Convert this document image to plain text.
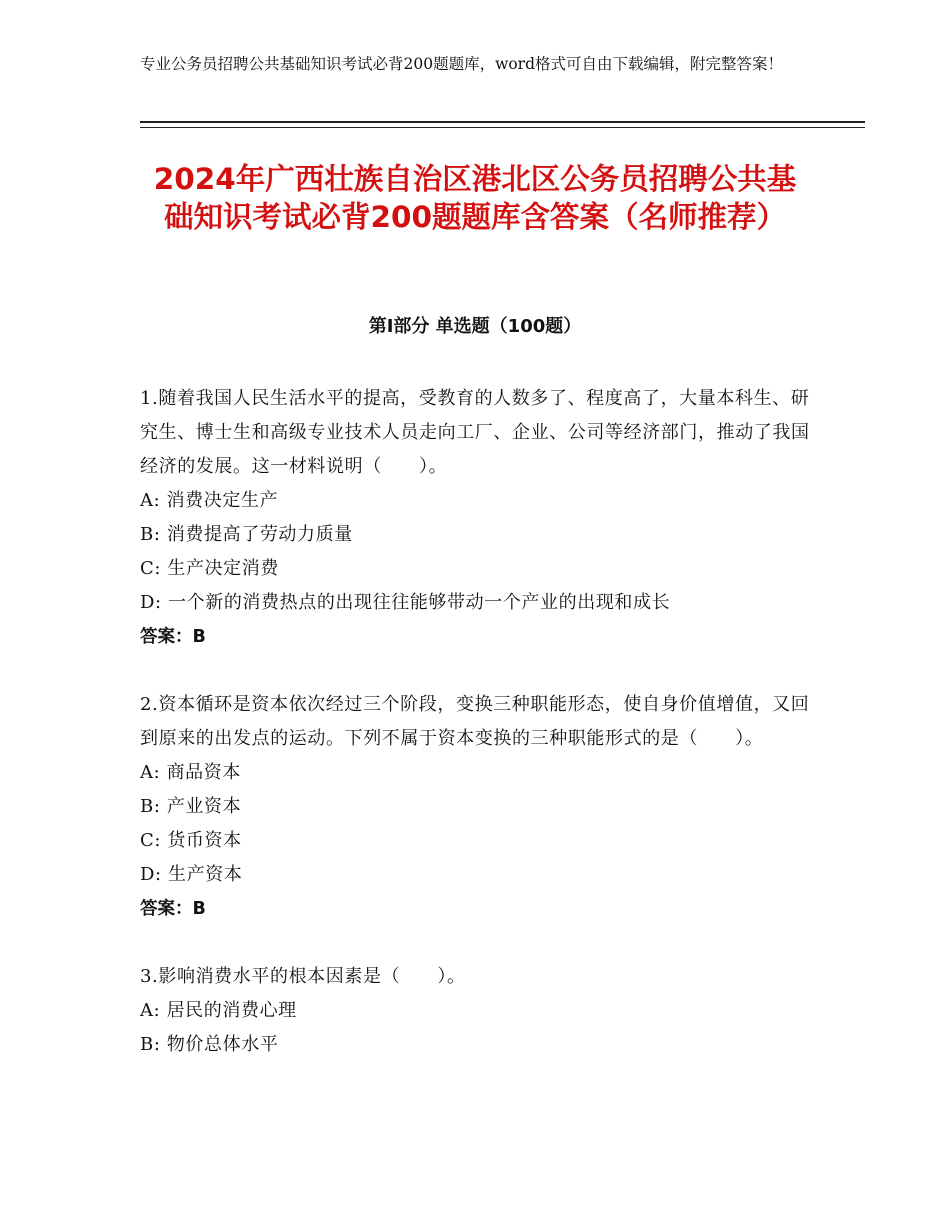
专业公务员招聘公共基础知识考试必背200题题库，word格式可自由下载编辑，附完整答案！
2024年广西壮族自治区港北区公务员招聘公共基础知识考试必背200题题库含答案（名师推荐）
第Ⅰ部分 单选题（100题）
1.随着我国人民生活水平的提高，受教育的人数多了、程度高了，大量本科生、研究生、博士生和高级专业技术人员走向工厂、企业、公司等经济部门，推动了我国经济的发展。这一材料说明（　　）。
A: 消费决定生产
B: 消费提高了劳动力质量
C: 生产决定消费
D: 一个新的消费热点的出现往往能够带动一个产业的出现和成长
答案：B
2.资本循环是资本依次经过三个阶段，变换三种职能形态，使自身价值增值，又回到原来的出发点的运动。下列不属于资本变换的三种职能形式的是（　　）。
A: 商品资本
B: 产业资本
C: 货币资本
D: 生产资本
答案：B
3.影响消费水平的根本因素是（　　）。
A: 居民的消费心理
B: 物价总体水平
